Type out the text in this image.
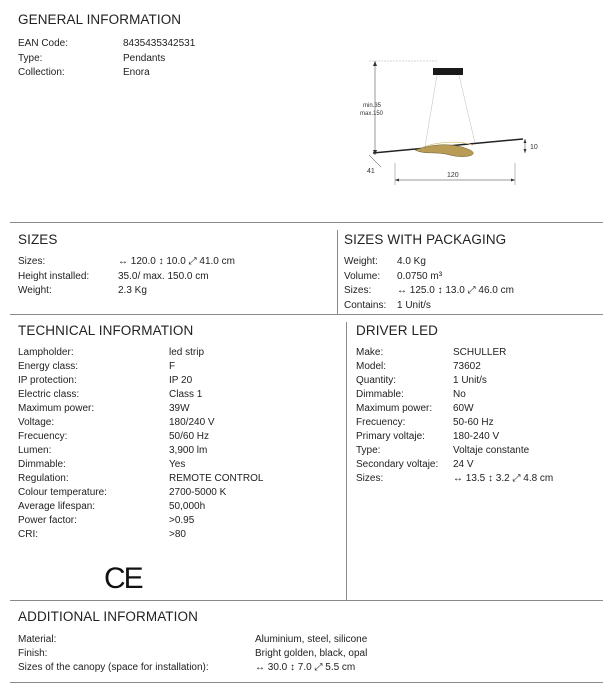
GENERAL INFORMATION
EAN Code:	8435435342531
Type:	Pendants
Collection:	Enora
min.35
max.150
10
41
120
SIZES
Sizes:	↔ 120.0 ↕ 10.0 ⤢ 41.0 cm
Height installed:	35.0/ max. 150.0 cm
Weight:	2.3 Kg
SIZES WITH PACKAGING
Weight: 4.0 Kg
Volume: 0.0750 m³
Sizes:	↔ 125.0 ↕ 13.0 ⤢ 46.0 cm
Contains: 1 Unit/s
TECHNICAL INFORMATION
Lampholder:	led strip
Energy class:	F
IP protection:	IP 20
Electric class:	Class 1
Maximum power:	39W
Voltage:	180/240 V
Frecuency:	50/60 Hz
Lumen:	3,900 lm
Dimmable:	Yes
Regulation:	REMOTE CONTROL
Colour temperature:	2700-5000 K
Average lifespan:	50,000h
Power factor:	>0.95
CRI:	>80
CE
DRIVER LED
Make:	SCHULLER
Model:	73602
Quantity:	1 Unit/s
Dimmable:	No
Maximum power: 60W
Frecuency:	50-60 Hz
Primary voltaje:	180-240 V
Type:	Voltaje constante
Secondary voltaje: 24 V
Sizes:	↔ 13.5 ↕ 3.2 ⤢ 4.8 cm
ADDITIONAL INFORMATION
Material:	Aluminium, steel, silicone
Finish:	Bright golden, black, opal
Sizes of the canopy (space for installation):	↔ 30.0 ↕ 7.0 ⤢ 5.5 cm
